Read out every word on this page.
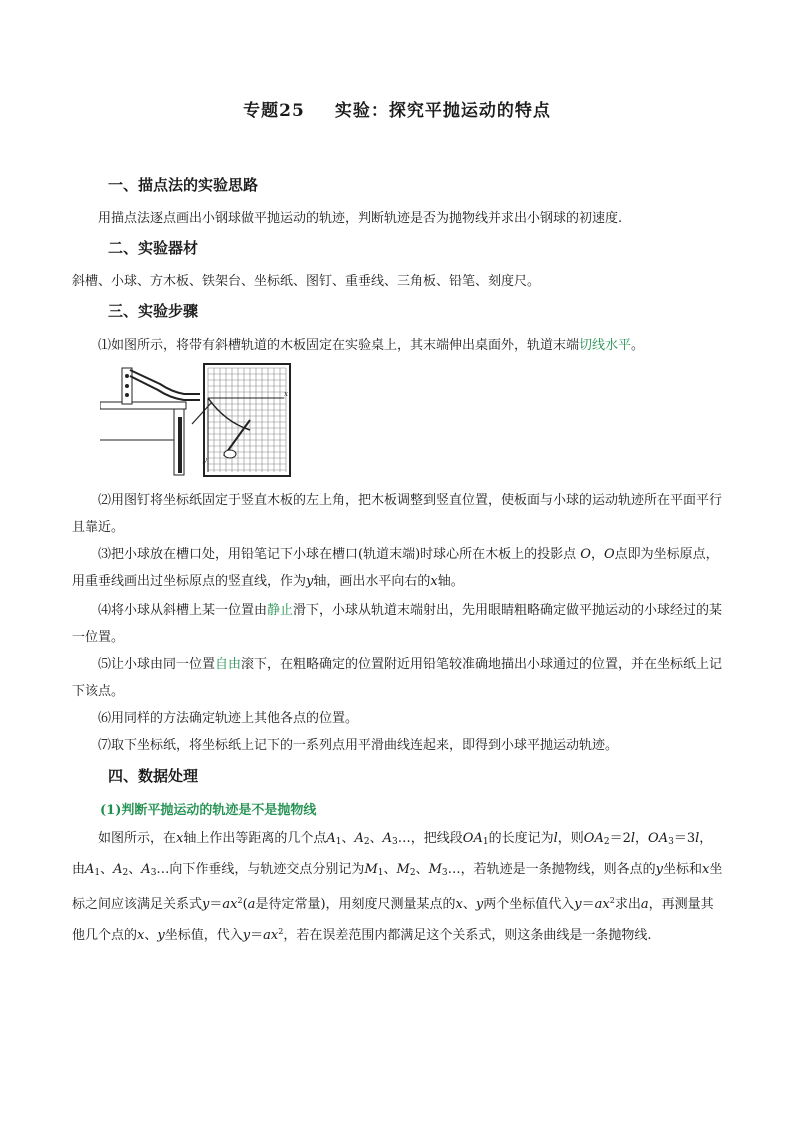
专题25 实验：探究平抛运动的特点
一、描点法的实验思路
用描点法逐点画出小钢球做平抛运动的轨迹，判断轨迹是否为抛物线并求出小钢球的初速度.
二、实验器材
斜槽、小球、方木板、铁架台、坐标纸、图钉、重垂线、三角板、铅笔、刻度尺。
三、实验步骤
⑴如图所示，将带有斜槽轨道的木板固定在实验桌上，其末端伸出桌面外，轨道末端切线水平。
x
y
⑵用图钉将坐标纸固定于竖直木板的左上角，把木板调整到竖直位置，使板面与小球的运动轨迹所在平面平行且靠近。
⑶把小球放在槽口处，用铅笔记下小球在槽口(轨道末端)时球心所在木板上的投影点 O，O点即为坐标原点，用重垂线画出过坐标原点的竖直线，作为y轴，画出水平向右的x轴。
⑷将小球从斜槽上某一位置由静止滑下，小球从轨道末端射出，先用眼睛粗略确定做平抛运动的小球经过的某一位置。
⑸让小球由同一位置自由滚下，在粗略确定的位置附近用铅笔较准确地描出小球通过的位置，并在坐标纸上记下该点。
⑹用同样的方法确定轨迹上其他各点的位置。
⑺取下坐标纸，将坐标纸上记下的一系列点用平滑曲线连起来，即得到小球平抛运动轨迹。
四、数据处理
(1)判断平抛运动的轨迹是不是抛物线
如图所示，在x轴上作出等距离的几个点$A_1$、$A_2$、$A_3\dots$，把线段$OA_1$的长度记为l，则$OA_2=2l$，$OA_3=3l$，由$A_1$、$A_2$、$A_3\dots$向下作垂线，与轨迹交点分别记为$M_1$、$M_2$、$M_3\dots$，若轨迹是一条抛物线，则各点的y坐标和x坐标之间应该满足关系式$y=ax^2(a$是待定常量)，用刻度尺测量某点的x、y两个坐标值代入$y=ax^2$求出a，再测量其他几个点的x、y坐标值，代入$y=ax^2$，若在误差范围内都满足这个关系式，则这条曲线是一条抛物线.
